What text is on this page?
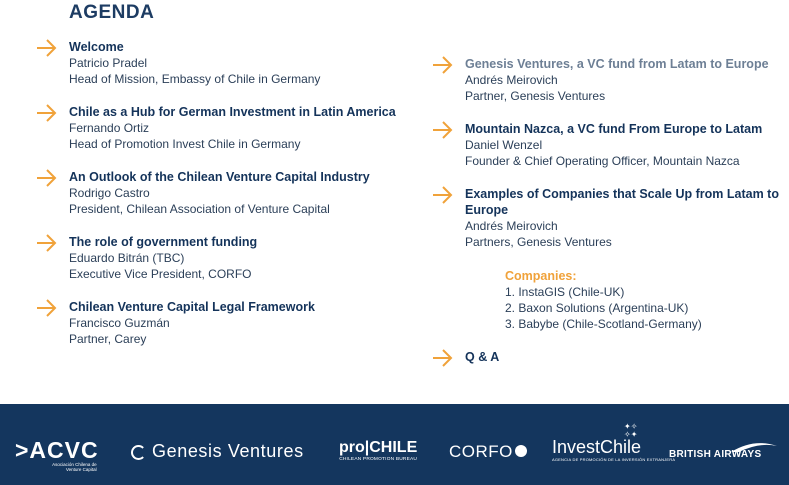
AGENDA
Welcome
Patricio Pradel
Head of Mission, Embassy of Chile in Germany
Chile as a Hub for German Investment in Latin America
Fernando Ortiz
Head of Promotion Invest Chile in Germany
An Outlook of the Chilean Venture Capital Industry
Rodrigo Castro
President, Chilean Association of Venture Capital
The role of government funding
Eduardo Bitrán (TBC)
Executive Vice President, CORFO
Chilean Venture Capital Legal Framework
Francisco Guzmán
Partner, Carey
Genesis Ventures, a VC fund from Latam to Europe
Andrés Meirovich
Partner, Genesis Ventures
Mountain Nazca, a VC fund From Europe to Latam
Daniel Wenzel
Founder & Chief Operating Officer, Mountain Nazca
Examples of Companies that Scale Up from Latam to
Europe
Andrés Meirovich
Partners, Genesis Ventures
Companies:
1. InstaGIS (Chile-UK)
2. Baxon Solutions (Argentina-UK)
3. Babybe (Chile-Scotland-Germany)
Q & A
>ACVC
Asociación Chilena de
Venture Capital
Genesis Ventures pro|CHILE
CHILEAN PROMOTION BUREAU CORFO
✦✧
✧✦
InvestChile
AGENCIA DE PROMOCIÓN DE LA INVERSIÓN EXTRANJERA
BRITISH AIRWAYS
